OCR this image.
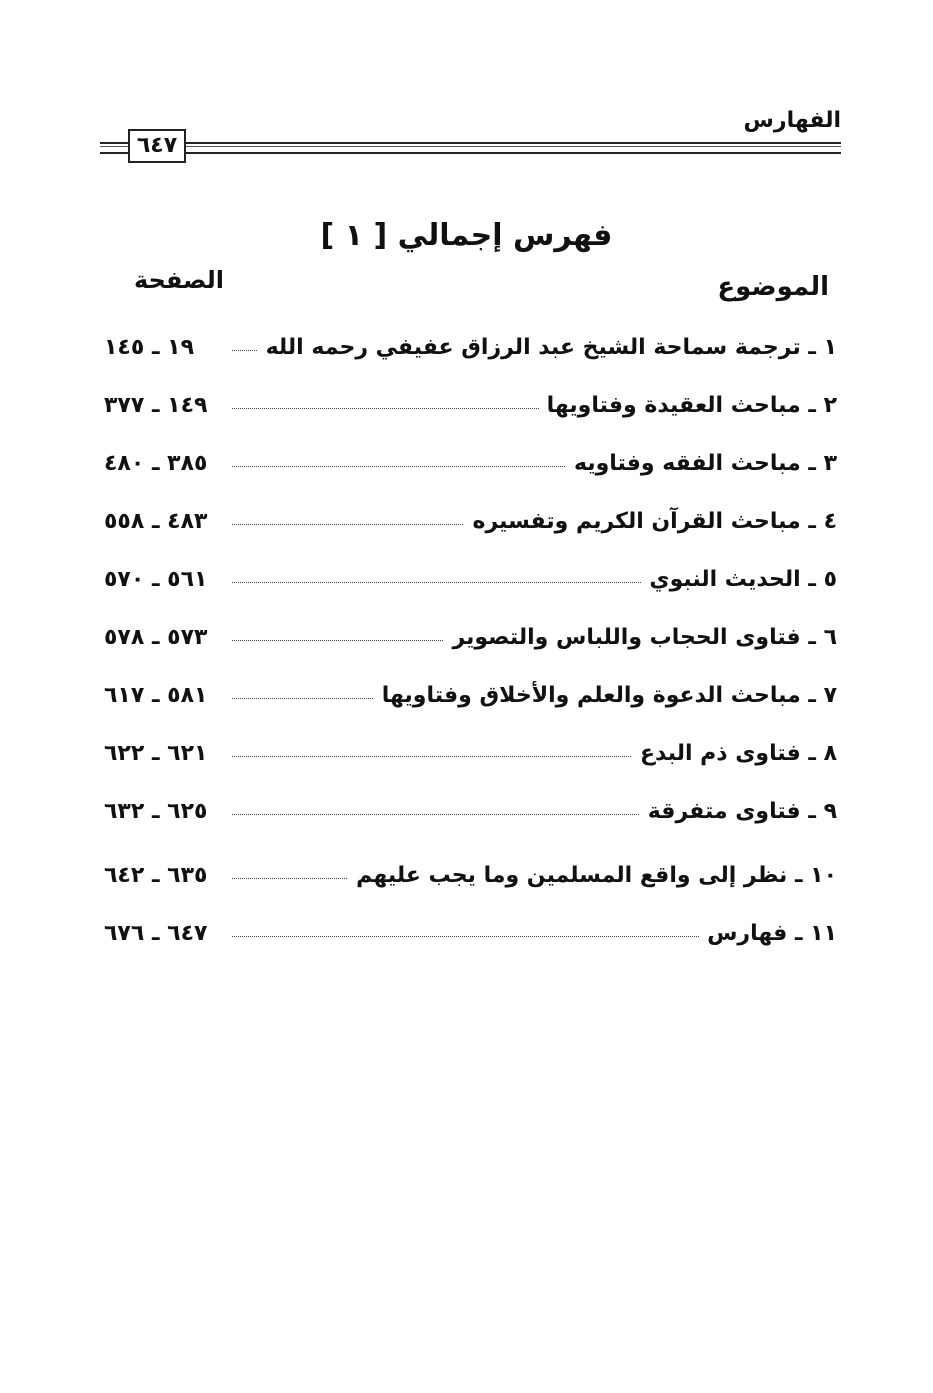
الفهارس
٦٤٧
فهرس إجمالي [ ١ ]
الموضوع
الصفحة
١ ـ ترجمة سماحة الشيخ عبد الرزاق عفيفي رحمه الله
١٩ ـ ١٤٥
٢ ـ مباحث العقيدة وفتاويها
١٤٩ ـ ٣٧٧
٣ ـ مباحث الفقه وفتاويه
٣٨٥ ـ ٤٨٠
٤ ـ مباحث القرآن الكريم وتفسيره
٤٨٣ ـ ٥٥٨
٥ ـ الحديث النبوي
٥٦١ ـ ٥٧٠
٦ ـ فتاوى الحجاب واللباس والتصوير
٥٧٣ ـ ٥٧٨
٧ ـ مباحث الدعوة والعلم والأخلاق وفتاويها
٥٨١ ـ ٦١٧
٨ ـ فتاوى ذم البدع
٦٢١ ـ ٦٢٢
٩ ـ فتاوى متفرقة
٦٢٥ ـ ٦٣٢
١٠ ـ نظر إلى واقع المسلمين وما يجب عليهم
٦٣٥ ـ ٦٤٢
١١ ـ فهارس
٦٤٧ ـ ٦٧٦
